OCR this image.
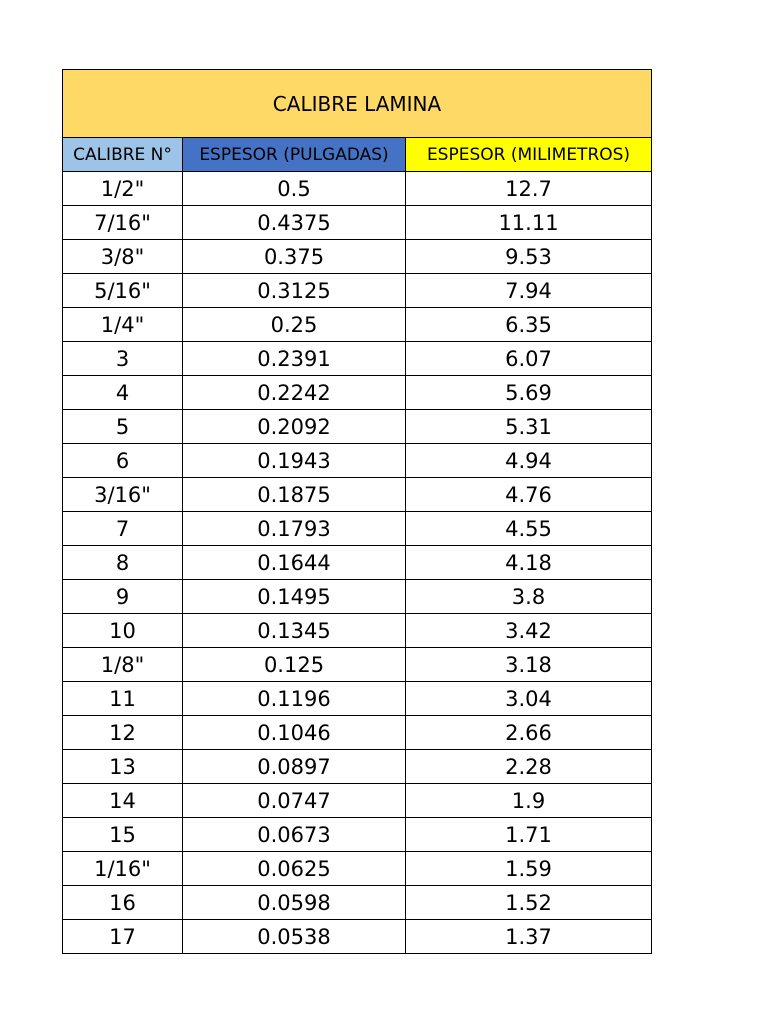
CALIBRE LAMINA		
CALIBRE N°	ESPESOR (PULGADAS)	ESPESOR (MILIMETROS)
1/2"	0.5	12.7
7/16"	0.4375	11.11
3/8"	0.375	9.53
5/16"	0.3125	7.94
1/4"	0.25	6.35
3	0.2391	6.07
4	0.2242	5.69
5	0.2092	5.31
6	0.1943	4.94
3/16"	0.1875	4.76
7	0.1793	4.55
8	0.1644	4.18
9	0.1495	3.8
10	0.1345	3.42
1/8"	0.125	3.18
11	0.1196	3.04
12	0.1046	2.66
13	0.0897	2.28
14	0.0747	1.9
15	0.0673	1.71
1/16"	0.0625	1.59
16	0.0598	1.52
17	0.0538	1.37
